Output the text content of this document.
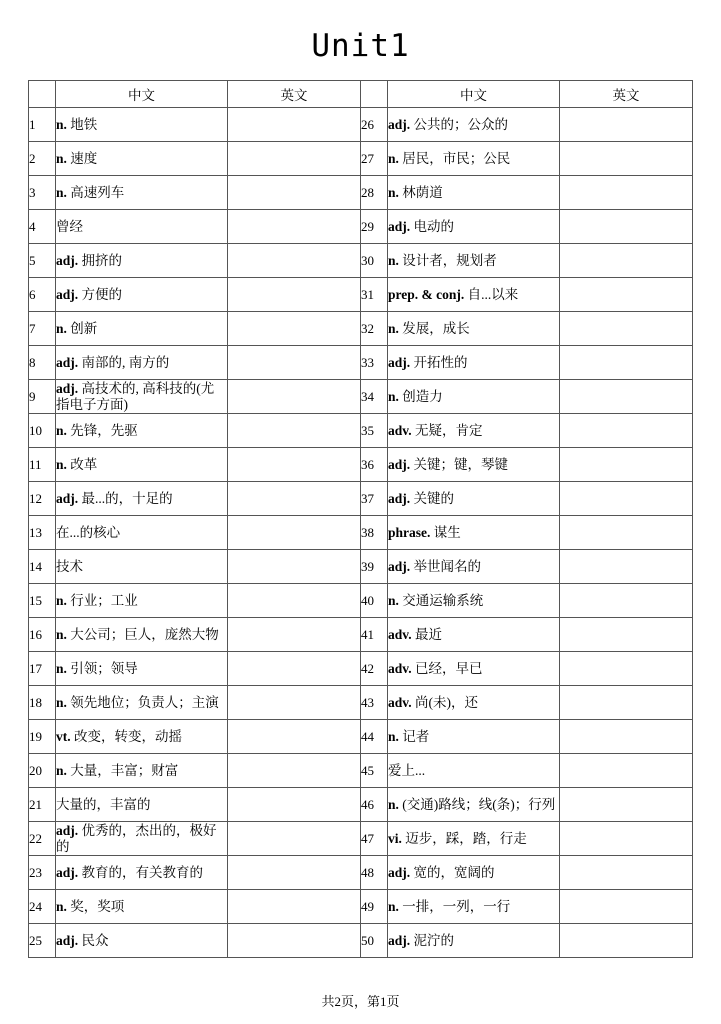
Unit1
	中文	英文		中文	英文
1	n. 地铁		26	adj. 公共的；公众的	
2	n. 速度		27	n. 居民，市民；公民	
3	n. 高速列车		28	n. 林荫道	
4	曾经		29	adj. 电动的	
5	adj. 拥挤的		30	n. 设计者，规划者	
6	adj. 方便的		31	prep. & conj. 自...以来	
7	n. 创新		32	n. 发展，成长	
8	adj. 南部的, 南方的		33	adj. 开拓性的	
9	adj. 高技术的, 高科技的(尤指电子方面)		34	n. 创造力	
10	n. 先锋，先驱		35	adv. 无疑，肯定	
11	n. 改革		36	adj. 关键；键，琴键	
12	adj. 最...的，十足的		37	adj. 关键的	
13	在...的核心		38	phrase. 谋生	
14	技术		39	adj. 举世闻名的	
15	n. 行业；工业		40	n. 交通运输系统	
16	n. 大公司；巨人，庞然大物		41	adv. 最近	
17	n. 引领；领导		42	adv. 已经，早已	
18	n. 领先地位；负责人；主演		43	adv. 尚(未)，还	
19	vt. 改变，转变，动摇		44	n. 记者	
20	n. 大量，丰富；财富		45	爱上...	
21	大量的，丰富的		46	n. (交通)路线；线(条)；行列	
22	adj. 优秀的，杰出的，极好的		47	vi. 迈步，踩，踏，行走	
23	adj. 教育的，有关教育的		48	adj. 宽的，宽阔的	
24	n. 奖，奖项		49	n. 一排，一列，一行	
25	adj. 民众		50	adj. 泥泞的	
共2页，第1页
